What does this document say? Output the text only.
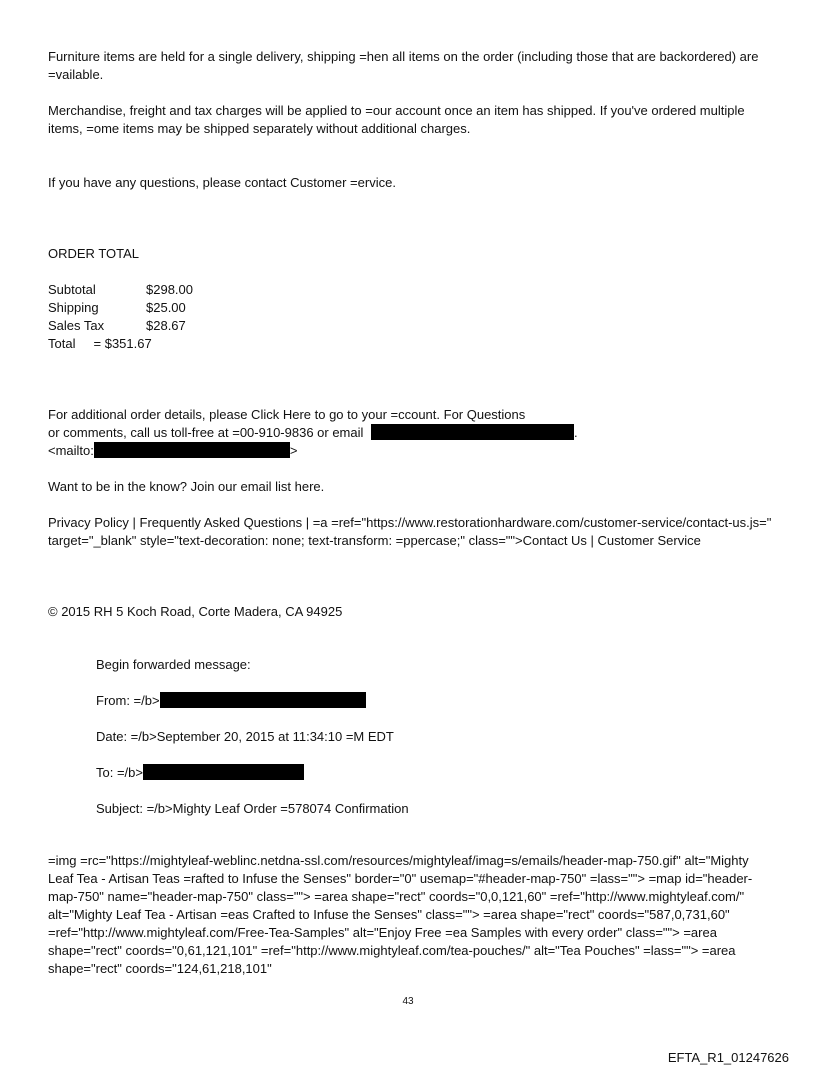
Furniture items are held for a single delivery, shipping =hen all items on the order (including those that are backordered) are =vailable.
Merchandise, freight and tax charges will be applied to =our account once an item has shipped. If you've ordered multiple items, =ome items may be shipped separately without additional charges.
If you have any questions, please contact Customer =ervice.
ORDER TOTAL
Subtotal	$298.00
Shipping	$25.00
Sales Tax	$28.67
Total     = $351.67
For additional order details, please Click Here to go to your =ccount. For Questions
or comments, call us toll-free at =00-910-9836 or email	.
<mailto:	>
Want to be in the know? Join our email list here.
Privacy Policy | Frequently Asked Questions | =a =ref="https://www.restorationhardware.com/customer-service/contact-us.js=" target="_blank" style="text-decoration: none; text-transform: =ppercase;" class="">Contact Us | Customer Service
© 2015 RH 5 Koch Road, Corte Madera, CA 94925
Begin forwarded message:
From: =/b>
Date: =/b>September 20, 2015 at 11:34:10 =M EDT
To: =/b>
Subject: =/b>Mighty Leaf Order =578074 Confirmation
=img =rc="https://mightyleaf-weblinc.netdna-ssl.com/resources/mightyleaf/imag=s/emails/header-map-750.gif" alt="Mighty Leaf Tea - Artisan Teas =rafted to Infuse the Senses" border="0" usemap="#header-map-750" =lass=""> =map id="header-map-750" name="header-map-750" class=""> =area shape="rect" coords="0,0,121,60" =ref="http://www.mightyleaf.com/" alt="Mighty Leaf Tea - Artisan =eas Crafted to Infuse the Senses" class=""> =area shape="rect" coords="587,0,731,60" =ref="http://www.mightyleaf.com/Free-Tea-Samples" alt="Enjoy Free =ea Samples with every order" class=""> =area shape="rect" coords="0,61,121,101" =ref="http://www.mightyleaf.com/tea-pouches/" alt="Tea Pouches" =lass=""> =area shape="rect" coords="124,61,218,101"
43
EFTA_R1_01247626
